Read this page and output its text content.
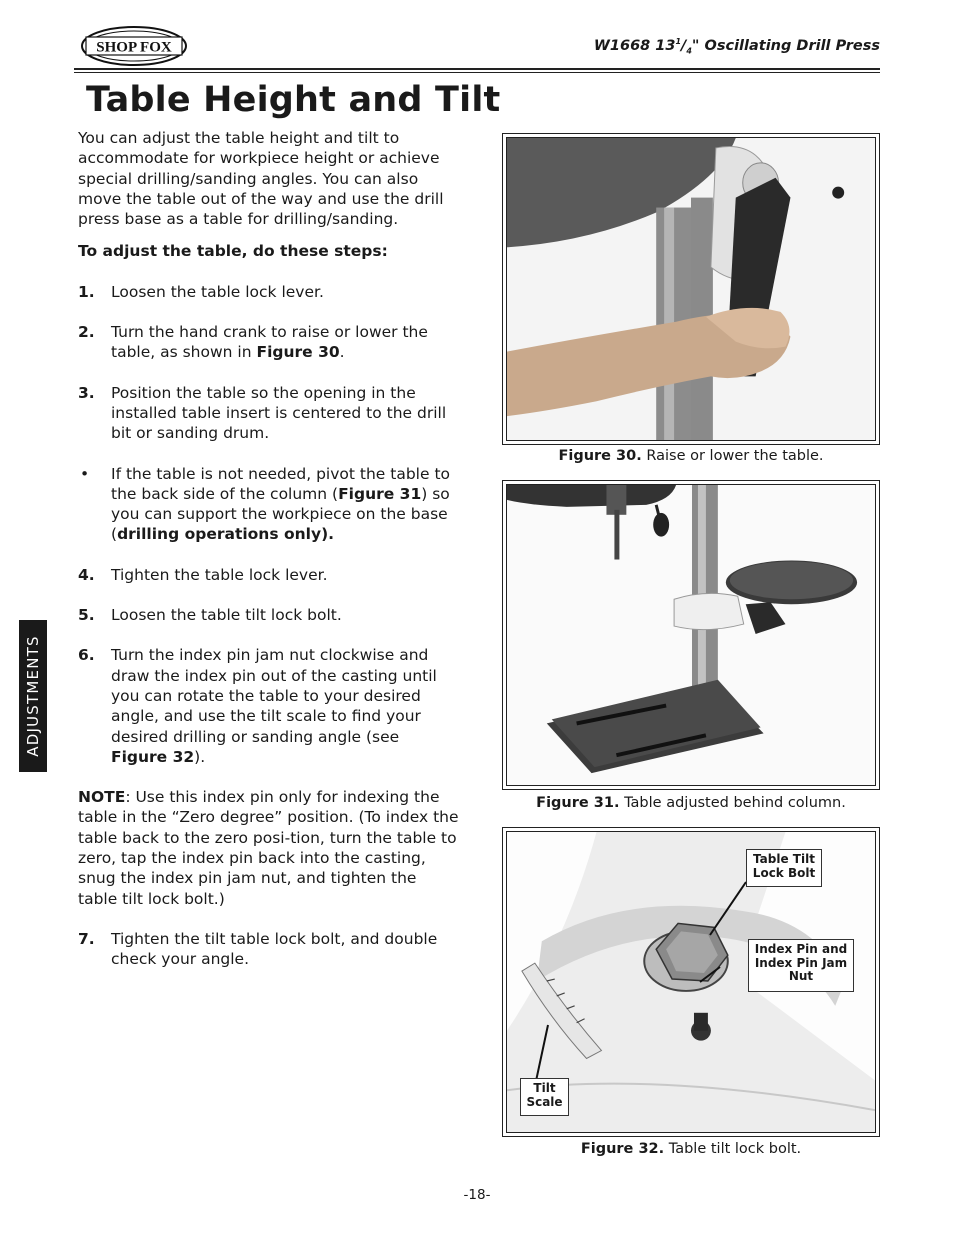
SHOP FOX	W1668 $13^1/_4$" Oscillating Drill Press
Table Height and Tilt

You can adjust the table height and tilt to accommodate for workpiece height or achieve special drilling/sanding angles. You can also move the table out of the way and use the drill press base as a table for drilling/sanding.

To adjust the table, do these steps:

1.	Loosen the table lock lever.
2.	Turn the hand crank to raise or lower the table, as shown in Figure 30.
3.	Position the table so the opening in the installed table insert is centered to the drill bit or sanding drum.
•	If the table is not needed, pivot the table to the back side of the column (Figure 31) so you can support the workpiece on the base (drilling operations only).
4.	Tighten the table lock lever.
5.	Loosen the table tilt lock bolt.
6.	Turn the index pin jam nut clockwise and draw the index pin out of the casting until you can rotate the table to your desired angle, and use the tilt scale to find your desired drilling or sanding angle (see Figure 32).

NOTE: Use this index pin only for indexing the table in the “Zero degree” position. (To index the table back to the zero posi-tion, turn the table to zero, tap the index pin back into the casting, snug the index pin jam nut, and tighten the table tilt lock bolt.)

7.	Tighten the tilt table lock bolt, and double check your angle.
ADJUSTMENTS
Figure 30. Raise or lower the table.
Figure 31. Table adjusted behind column.
Table Tilt
Lock Bolt
Index Pin and
Index Pin Jam
Nut
Tilt
Scale
Figure 32. Table tilt lock bolt.
-18-
